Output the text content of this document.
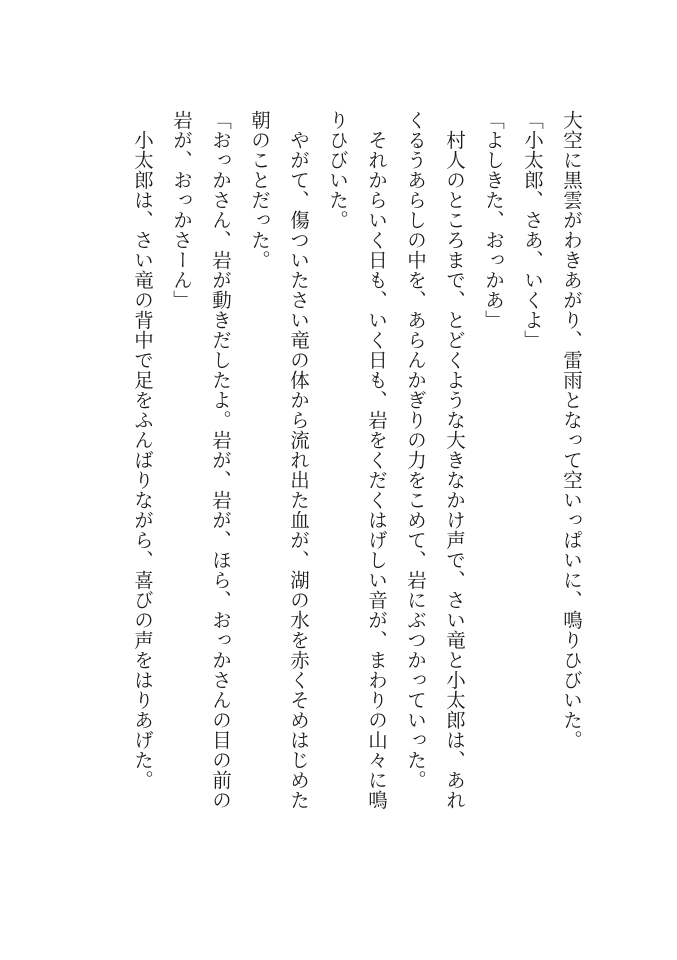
大空に黒雲がわきあがり、雷雨となって空いっぱいに、鳴りひびいた。

「小太郎、さあ、いくよ」

「よしきた、おっかあ」

　村人のところまで、とどくような大きなかけ声で、さい竜と小太郎は、あれ

くるうあらしの中を、あらんかぎりの力をこめて、岩にぶつかっていった。

　それからいく日も、いく日も、岩をくだくはげしい音が、まわりの山々に鳴

りひびいた。

　やがて、傷ついたさい竜の体から流れ出た血が、湖の水を赤くそめはじめた

朝のことだった。

「おっかさん、岩が動きだしたよ。岩が、岩が、ほら、おっかさんの目の前の

岩が、おっかさーん」

　小太郎は、さい竜の背中で足をふんばりながら、喜びの声をはりあげた。
